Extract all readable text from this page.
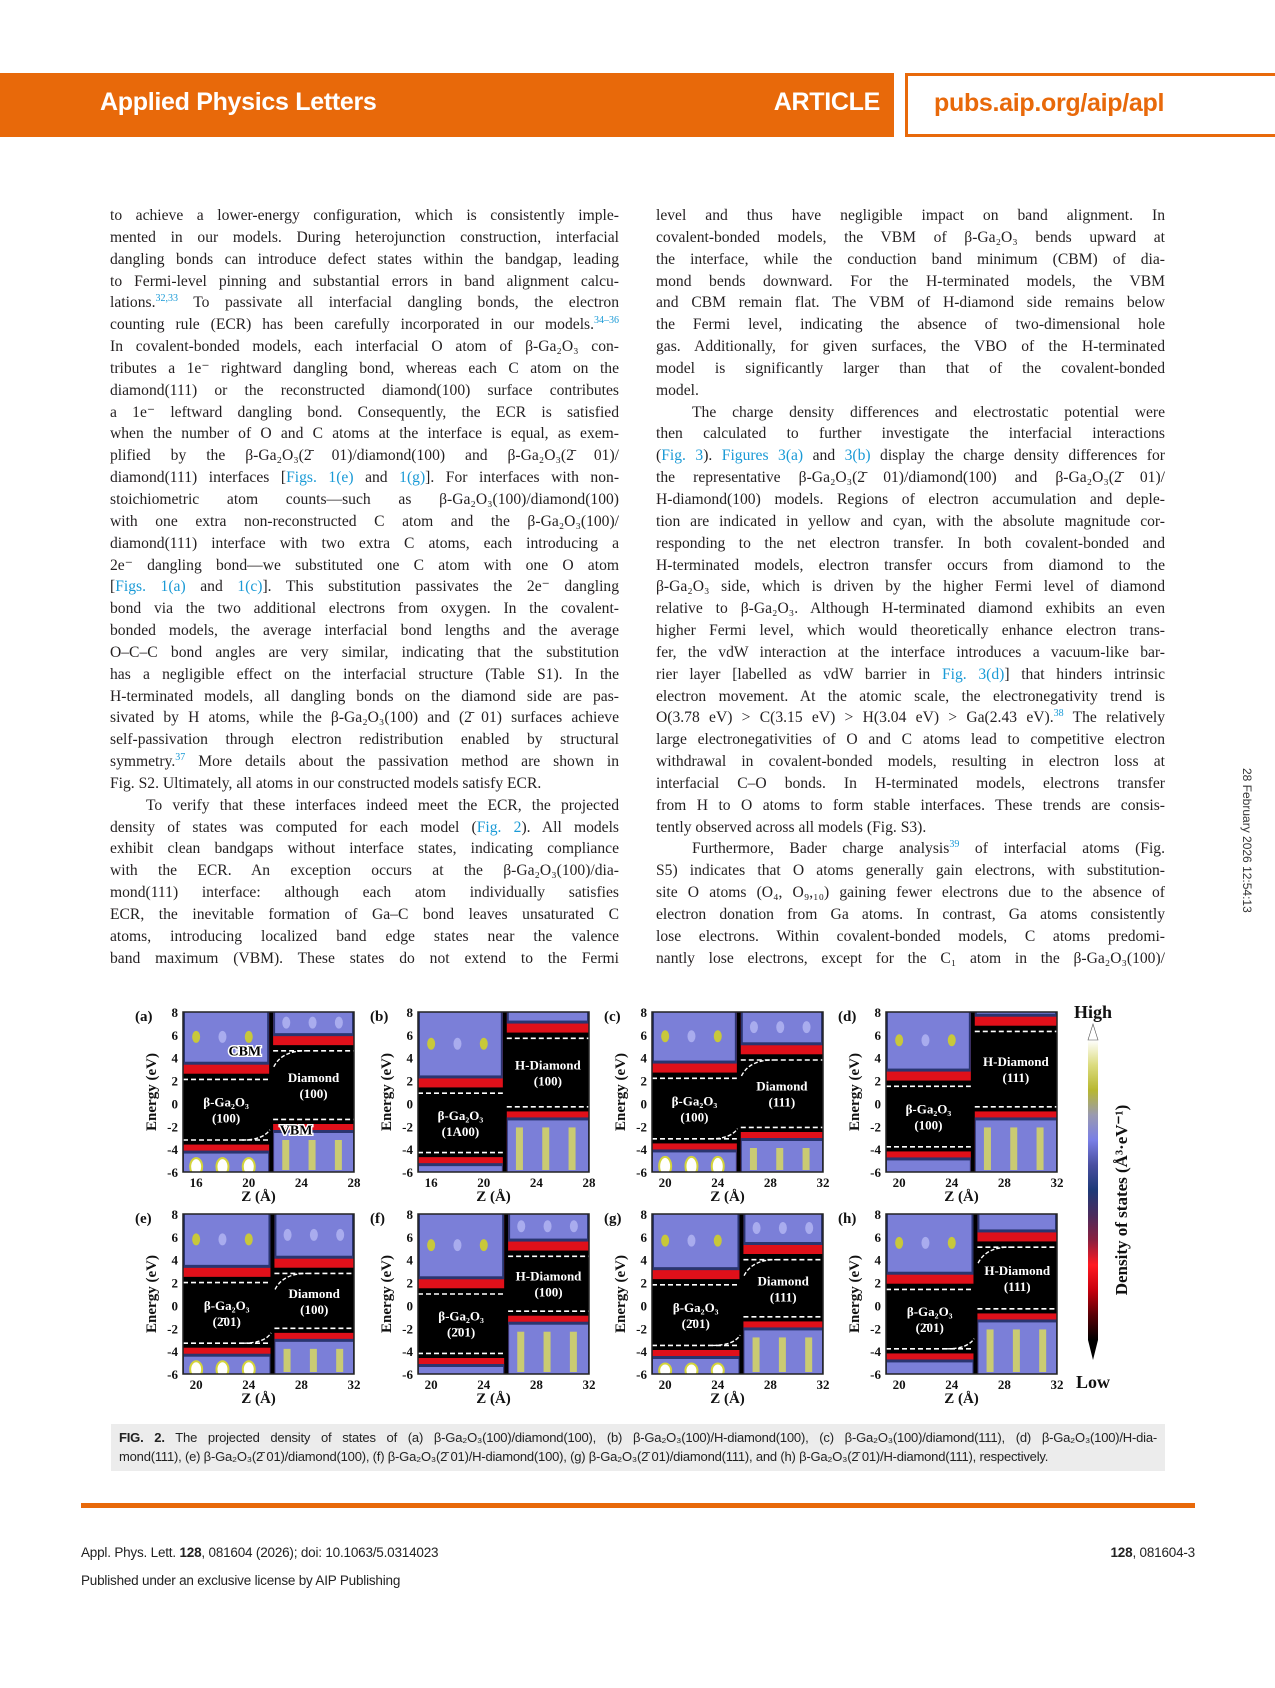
Applied Physics Letters	ARTICLE pubs.aip.org/aip/apl
to achieve a lower-energy configuration, which is consistently imple-
mented in our models. During heterojunction construction, interfacial
dangling bonds can introduce defect states within the bandgap, leading
to Fermi-level pinning and substantial errors in band alignment calcu-
lations.$^{32,33}$ To passivate all interfacial dangling bonds, the electron
counting rule (ECR) has been carefully incorporated in our models.$^{34-36}$
In covalent-bonded models, each interfacial O atom of β-Ga₂O₃ con-
tributes a 1e⁻ rightward dangling bond, whereas each C atom on the
diamond(111) or the reconstructed diamond(100) surface contributes
a 1e⁻ leftward dangling bond. Consequently, the ECR is satisfied
when the number of O and C atoms at the interface is equal, as exem-
plified by the β-Ga₂O₃(2̄ 01)/diamond(100) and β-Ga₂O₃(2̄ 01)/
diamond(111) interfaces [Figs. 1(e) and 1(g)]. For interfaces with non-
stoichiometric atom counts—such as β-Ga₂O₃(100)/diamond(100)
with one extra non-reconstructed C atom and the β-Ga₂O₃(100)/
diamond(111) interface with two extra C atoms, each introducing a
2e⁻ dangling bond—we substituted one C atom with one O atom
[Figs. 1(a) and 1(c)]. This substitution passivates the 2e⁻ dangling
bond via the two additional electrons from oxygen. In the covalent-
bonded models, the average interfacial bond lengths and the average
O–C–C bond angles are very similar, indicating that the substitution
has a negligible effect on the interfacial structure (Table S1). In the
H-terminated models, all dangling bonds on the diamond side are pas-
sivated by H atoms, while the β-Ga₂O₃(100) and (2̄ 01) surfaces achieve
self-passivation through electron redistribution enabled by structural
symmetry.$^{37}$ More details about the passivation method are shown in
Fig. S2. Ultimately, all atoms in our constructed models satisfy ECR.
To verify that these interfaces indeed meet the ECR, the projected
density of states was computed for each model (Fig. 2). All models
exhibit clean bandgaps without interface states, indicating compliance
with the ECR. An exception occurs at the β-Ga₂O₃(100)/dia-
mond(111) interface: although each atom individually satisfies
ECR, the inevitable formation of Ga–C bond leaves unsaturated C
atoms, introducing localized band edge states near the valence
band maximum (VBM). These states do not extend to the Fermi
level and thus have negligible impact on band alignment. In
covalent-bonded models, the VBM of β-Ga₂O₃ bends upward at
the interface, while the conduction band minimum (CBM) of dia-
mond bends downward. For the H-terminated models, the VBM
and CBM remain flat. The VBM of H-diamond side remains below
the Fermi level, indicating the absence of two-dimensional hole
gas. Additionally, for given surfaces, the VBO of the H-terminated
model is significantly larger than that of the covalent-bonded
model.
The charge density differences and electrostatic potential were
then calculated to further investigate the interfacial interactions
(Fig. 3). Figures 3(a) and 3(b) display the charge density differences for
the representative β-Ga₂O₃(2̄ 01)/diamond(100) and β-Ga₂O₃(2̄ 01)/
H-diamond(100) models. Regions of electron accumulation and deple-
tion are indicated in yellow and cyan, with the absolute magnitude cor-
responding to the net electron transfer. In both covalent-bonded and
H-terminated models, electron transfer occurs from diamond to the
β-Ga₂O₃ side, which is driven by the higher Fermi level of diamond
relative to β-Ga₂O₃. Although H-terminated diamond exhibits an even
higher Fermi level, which would theoretically enhance electron trans-
fer, the vdW interaction at the interface introduces a vacuum-like bar-
rier layer [labelled as vdW barrier in Fig. 3(d)] that hinders intrinsic
electron movement. At the atomic scale, the electronegativity trend is
O(3.78 eV) > C(3.15 eV) > H(3.04 eV) > Ga(2.43 eV).$^{38}$ The relatively
large electronegativities of O and C atoms lead to competitive electron
withdrawal in covalent-bonded models, resulting in electron loss at
interfacial C–O bonds. In H-terminated models, electrons transfer
from H to O atoms to form stable interfaces. These trends are consis-
tently observed across all models (Fig. S3).
Furthermore, Bader charge analysis$^{39}$ of interfacial atoms (Fig.
S5) indicates that O atoms generally gain electrons, with substitution-
site O atoms (O₄, O₉,₁₀) gaining fewer electrons due to the absence of
electron donation from Ga atoms. In contrast, Ga atoms consistently
lose electrons. Within covalent-bonded models, C atoms predomi-
nantly lose electrons, except for the C₁ atom in the β-Ga₂O₃(100)/
28 February 2026 12:54:13
β-Ga₂O₃
(100)
Diamond
(100)
CBM
VBM
-6
-4
-2
0
2
4
6
8
16	20	24	28
Z (Å)
Energy (eV)
(a)
β-Ga₂O₃
(1A00)
H-Diamond
(100)
-6
-4
-2
0
2
4
6
8
16	20	24	28
Z (Å)
Energy (eV)
(b)
β-Ga₂O₃
(100)
Diamond
(111)
-6
-4
-2
0
2
4
6
8
20	24	28	32
Z (Å)
Energy (eV)
(c)
β-Ga₂O₃
(100)
H-Diamond
(111)
-6
-4
-2
0
2
4
6
8
20	24	28	32
Z (Å)
Energy (eV)
(d)
β-Ga₂O₃
(2̄01)
Diamond
(100)
-6
-4
-2
0
2
4
6
8
20	24	28	32
Z (Å)
Energy (eV)
(e)
β-Ga₂O₃
(2̄01)
H-Diamond
(100)
-6
-4
-2
0
2
4
6
8
20	24	28	32
Z (Å)
Energy (eV)
(f)
β-Ga₂O₃
(2̄01)
Diamond
(111)
-6
-4
-2
0
2
4
6
8
20	24	28	32
Z (Å)
Energy (eV)
(g)
β-Ga₂O₃
(2̄01)
H-Diamond
(111)
-6
-4
-2
0
2
4
6
8
20	24	28	32
Z (Å)
Energy (eV)
(h)
High
Low
Density of states (Å³·eV⁻¹)
FIG. 2. The projected density of states of (a) β-Ga₂O₃(100)/diamond(100), (b) β-Ga₂O₃(100)/H-diamond(100), (c) β-Ga₂O₃(100)/diamond(111), (d) β-Ga₂O₃(100)/H-dia-
mond(111), (e) β-Ga₂O₃(2̄ 01)/diamond(100), (f) β-Ga₂O₃(2̄ 01)/H-diamond(100), (g) β-Ga₂O₃(2̄ 01)/diamond(111), and (h) β-Ga₂O₃(2̄ 01)/H-diamond(111), respectively.
Appl. Phys. Lett. 128, 081604 (2026); doi: 10.1063/5.0314023	128, 081604-3
Published under an exclusive license by AIP Publishing
